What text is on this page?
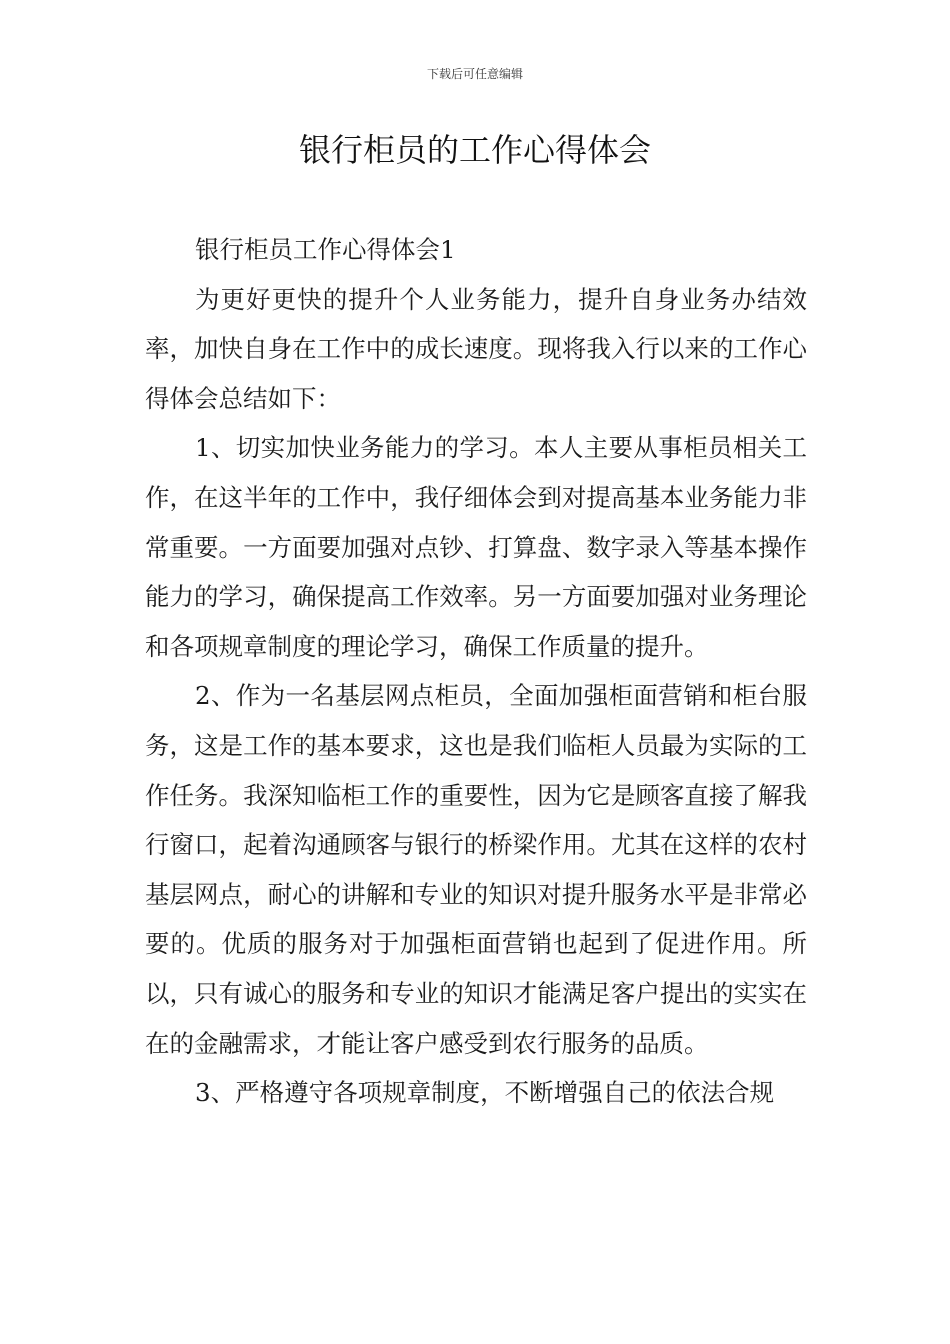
下载后可任意编辑
银行柜员的工作心得体会

银行柜员工作心得体会1

为更好更快的提升个人业务能力，提升自身业务办结效率，加快自身在工作中的成长速度。现将我入行以来的工作心得体会总结如下：

1、切实加快业务能力的学习。本人主要从事柜员相关工作，在这半年的工作中，我仔细体会到对提高基本业务能力非常重要。一方面要加强对点钞、打算盘、数字录入等基本操作能力的学习，确保提高工作效率。另一方面要加强对业务理论和各项规章制度的理论学习，确保工作质量的提升。

2、作为一名基层网点柜员，全面加强柜面营销和柜台服务，这是工作的基本要求，这也是我们临柜人员最为实际的工作任务。我深知临柜工作的重要性，因为它是顾客直接了解我行窗口，起着沟通顾客与银行的桥梁作用。尤其在这样的农村基层网点，耐心的讲解和专业的知识对提升服务水平是非常必要的。优质的服务对于加强柜面营销也起到了促进作用。所以，只有诚心的服务和专业的知识才能满足客户提出的实实在在的金融需求，才能让客户感受到农行服务的品质。

3、严格遵守各项规章制度，不断增强自己的依法合规
